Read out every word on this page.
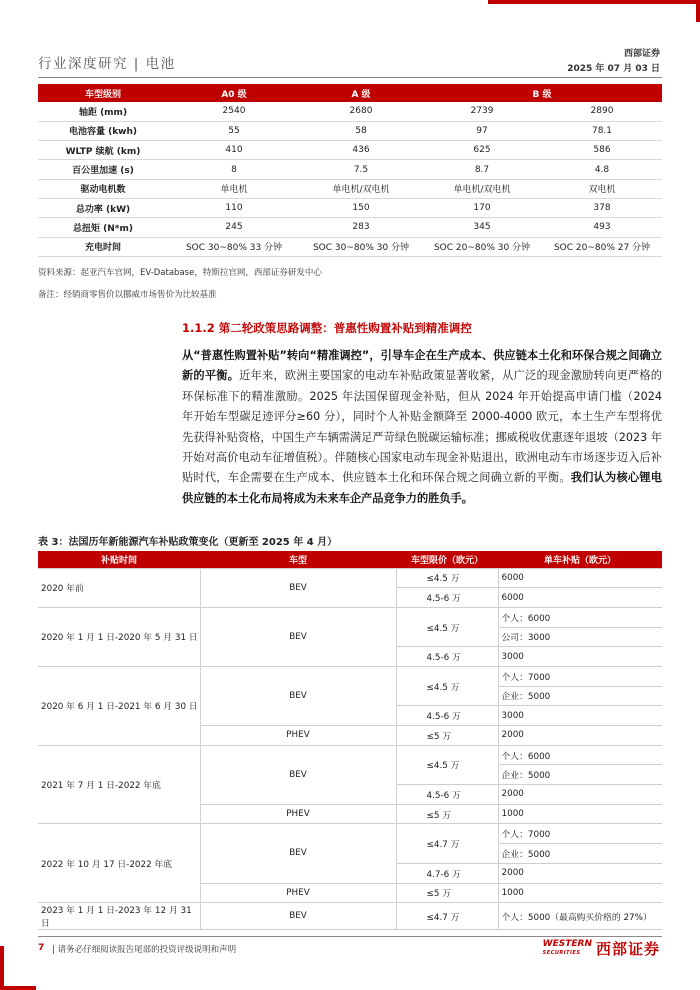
行业深度研究 | 电池
西部证券
2025 年 07 月 03 日
车型级别	A0 级	A 级	B 级	
轴距 (mm)	2540	2680	2739	2890
电池容量 (kwh)	55	58	97	78.1
WLTP 续航 (km)	410	436	625	586
百公里加速 (s)	8	7.5	8.7	4.8
驱动电机数	单电机	单电机/双电机	单电机/双电机	双电机
总功率 (kW)	110	150	170	378
总扭矩 (N*m)	245	283	345	493
充电时间	SOC 30~80% 33 分钟	SOC 30~80% 30 分钟	SOC 20~80% 30 分钟	SOC 20~80% 27 分钟
资料来源：起亚汽车官网，EV-Database，特斯拉官网，西部证券研发中心
备注：经销商零售价以挪威市场售价为比较基准
1.1.2 第二轮政策思路调整：普惠性购置补贴到精准调控
从“普惠性购置补贴”转向“精准调控”，引导车企在生产成本、供应链本土化和环保合规之间确立新的平衡。近年来，欧洲主要国家的电动车补贴政策显著收紧，从广泛的现金激励转向更严格的环保标准下的精准激励。2025 年法国保留现金补贴，但从 2024 年开始提高申请门槛（2024 年开始车型碳足迹评分≥60 分），同时个人补贴金额降至 2000-4000 欧元，本土生产车型将优先获得补贴资格，中国生产车辆需满足严苛绿色脱碳运输标准；挪威税收优惠逐年退坡（2023 年开始对高价电动车征增值税）。伴随核心国家电动车现金补贴退出，欧洲电动车市场逐步迈入后补贴时代，车企需要在生产成本、供应链本土化和环保合规之间确立新的平衡。我们认为核心锂电供应链的本土化布局将成为未来车企产品竞争力的胜负手。
表 3：法国历年新能源汽车补贴政策变化（更新至 2025 年 4 月）
补贴时间	车型	车型限价（欧元）	单车补贴（欧元）
2020 年前	BEV	≤4.5 万	6000
		4.5-6 万	6000
2020 年 1 月 1 日-2020 年 5 月 31 日	BEV	≤4.5 万	个人：6000
			公司：3000
		4.5-6 万	3000
2020 年 6 月 1 日-2021 年 6 月 30 日	BEV	≤4.5 万	个人：7000
			企业：5000
		4.5-6 万	3000
	PHEV	≤5 万	2000
2021 年 7 月 1 日-2022 年底	BEV	≤4.5 万	个人：6000
			企业：5000
		4.5-6 万	2000
	PHEV	≤5 万	1000
2022 年 10 月 17 日-2022 年底	BEV	≤4.7 万	个人：7000
			企业：5000
		4.7-6 万	2000
	PHEV	≤5 万	1000
2023 年 1 月 1 日-2023 年 12 月 31 日	BEV	≤4.7 万	个人：5000（最高购买价格的 27%）
7 | 请务必仔细阅读报告尾部的投资评级说明和声明
WESTERN
SECURITIES	西部证券
